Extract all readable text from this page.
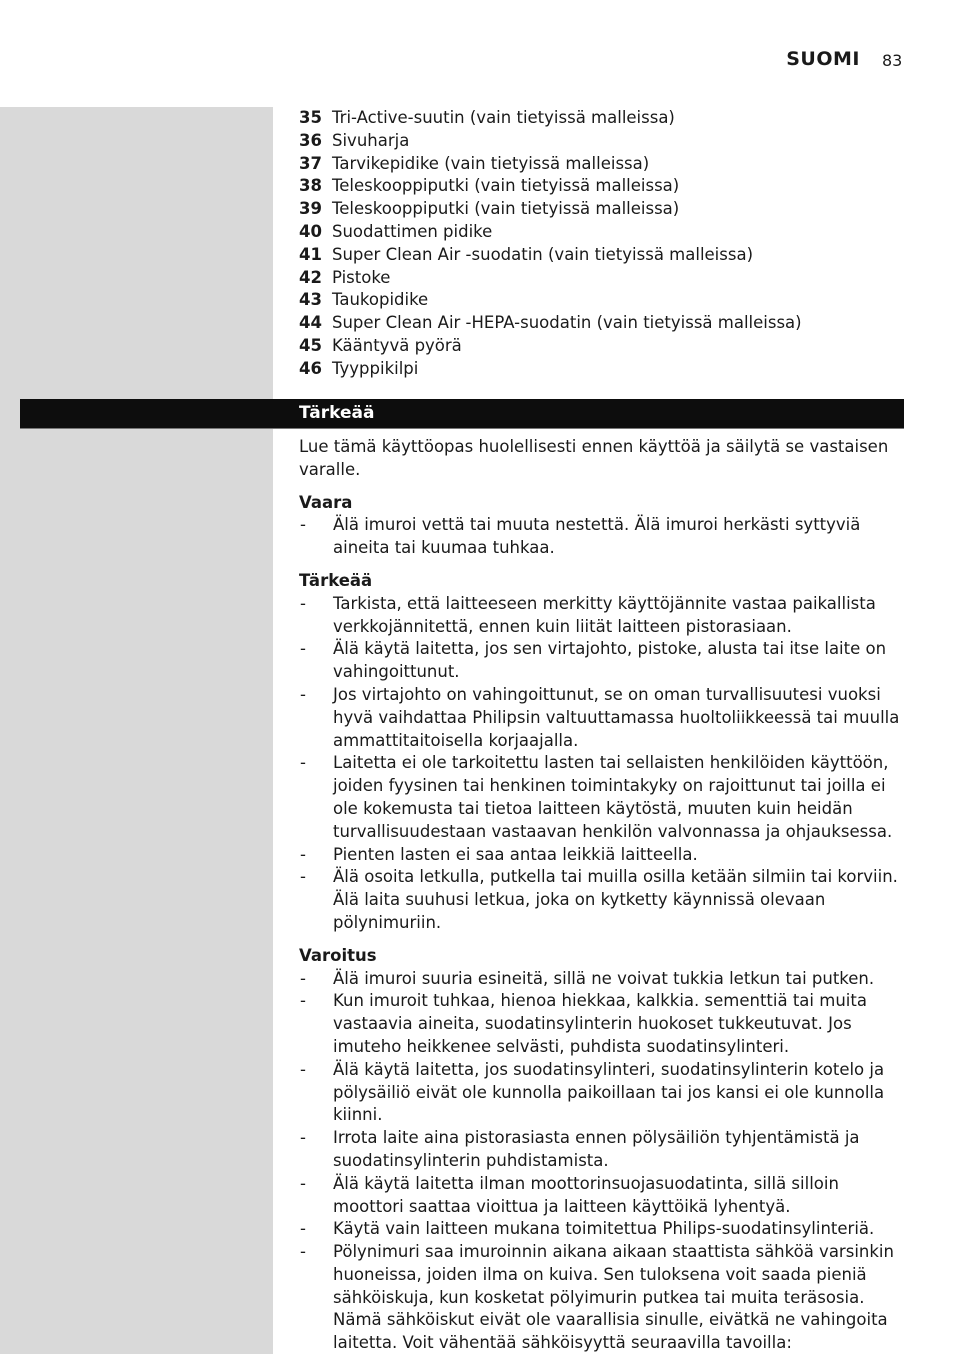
SUOMI 83
35 Tri-Active-suutin (vain tietyissä malleissa)
36 Sivuharja
37 Tarvikepidike (vain tietyissä malleissa)
38 Teleskooppiputki (vain tietyissä malleissa)
39 Teleskooppiputki (vain tietyissä malleissa)
40 Suodattimen pidike
41 Super Clean Air -suodatin (vain tietyissä malleissa)
42 Pistoke
43 Taukopidike
44 Super Clean Air -HEPA-suodatin (vain tietyissä malleissa)
45 Kääntyvä pyörä
46 Tyyppikilpi
Tärkeää

Lue tämä käyttöopas huolellisesti ennen käyttöä ja säilytä se vastaisen varalle.

Vaara
-	Älä imuroi vettä tai muuta nestettä. Älä imuroi herkästi syttyviä aineita tai kuumaa tuhkaa.
Tärkeää
-	Tarkista, että laitteeseen merkitty käyttöjännite vastaa paikallista verkkojännitettä, ennen kuin liität laitteen pistorasiaan.
-	Älä käytä laitetta, jos sen virtajohto, pistoke, alusta tai itse laite on vahingoittunut.
-	Jos virtajohto on vahingoittunut, se on oman turvallisuutesi vuoksi hyvä vaihdattaa Philipsin valtuuttamassa huoltoliikkeessä tai muulla ammattitaitoisella korjaajalla.
-	Laitetta ei ole tarkoitettu lasten tai sellaisten henkilöiden käyttöön, joiden fyysinen tai henkinen toimintakyky on rajoittunut tai joilla ei ole kokemusta tai tietoa laitteen käytöstä, muuten kuin heidän turvallisuudestaan vastaavan henkilön valvonnassa ja ohjauksessa.
-	Pienten lasten ei saa antaa leikkiä laitteella.
-	Älä osoita letkulla, putkella tai muilla osilla ketään silmiin tai korviin. Älä laita suuhusi letkua, joka on kytketty käynnissä olevaan pölynimuriin.
Varoitus
-	Älä imuroi suuria esineitä, sillä ne voivat tukkia letkun tai putken.
-	Kun imuroit tuhkaa, hienoa hiekkaa, kalkkia. sementtiä tai muita vastaavia aineita, suodatinsylinterin huokoset tukkeutuvat. Jos imuteho heikkenee selvästi, puhdista suodatinsylinteri.
-	Älä käytä laitetta, jos suodatinsylinteri, suodatinsylinterin kotelo ja pölysäiliö eivät ole kunnolla paikoillaan tai jos kansi ei ole kunnolla kiinni.
-	Irrota laite aina pistorasiasta ennen pölysäiliön tyhjentämistä ja suodatinsylinterin puhdistamista.
-	Älä käytä laitetta ilman moottorinsuojasuodatinta, sillä silloin moottori saattaa vioittua ja laitteen käyttöikä lyhentyä.
-	Käytä vain laitteen mukana toimitettua Philips-suodatinsylinteriä.
-	Pölynimuri saa imuroinnin aikana aikaan staattista sähköä varsinkin huoneissa, joiden ilma on kuiva. Sen tuloksena voit saada pieniä sähköiskuja, kun kosketat pölyimurin putkea tai muita teräsosia. Nämä sähköiskut eivät ole vaarallisia sinulle, eivätkä ne vahingoita laitetta. Voit vähentää sähköisyyttä seuraavilla tavoilla:
